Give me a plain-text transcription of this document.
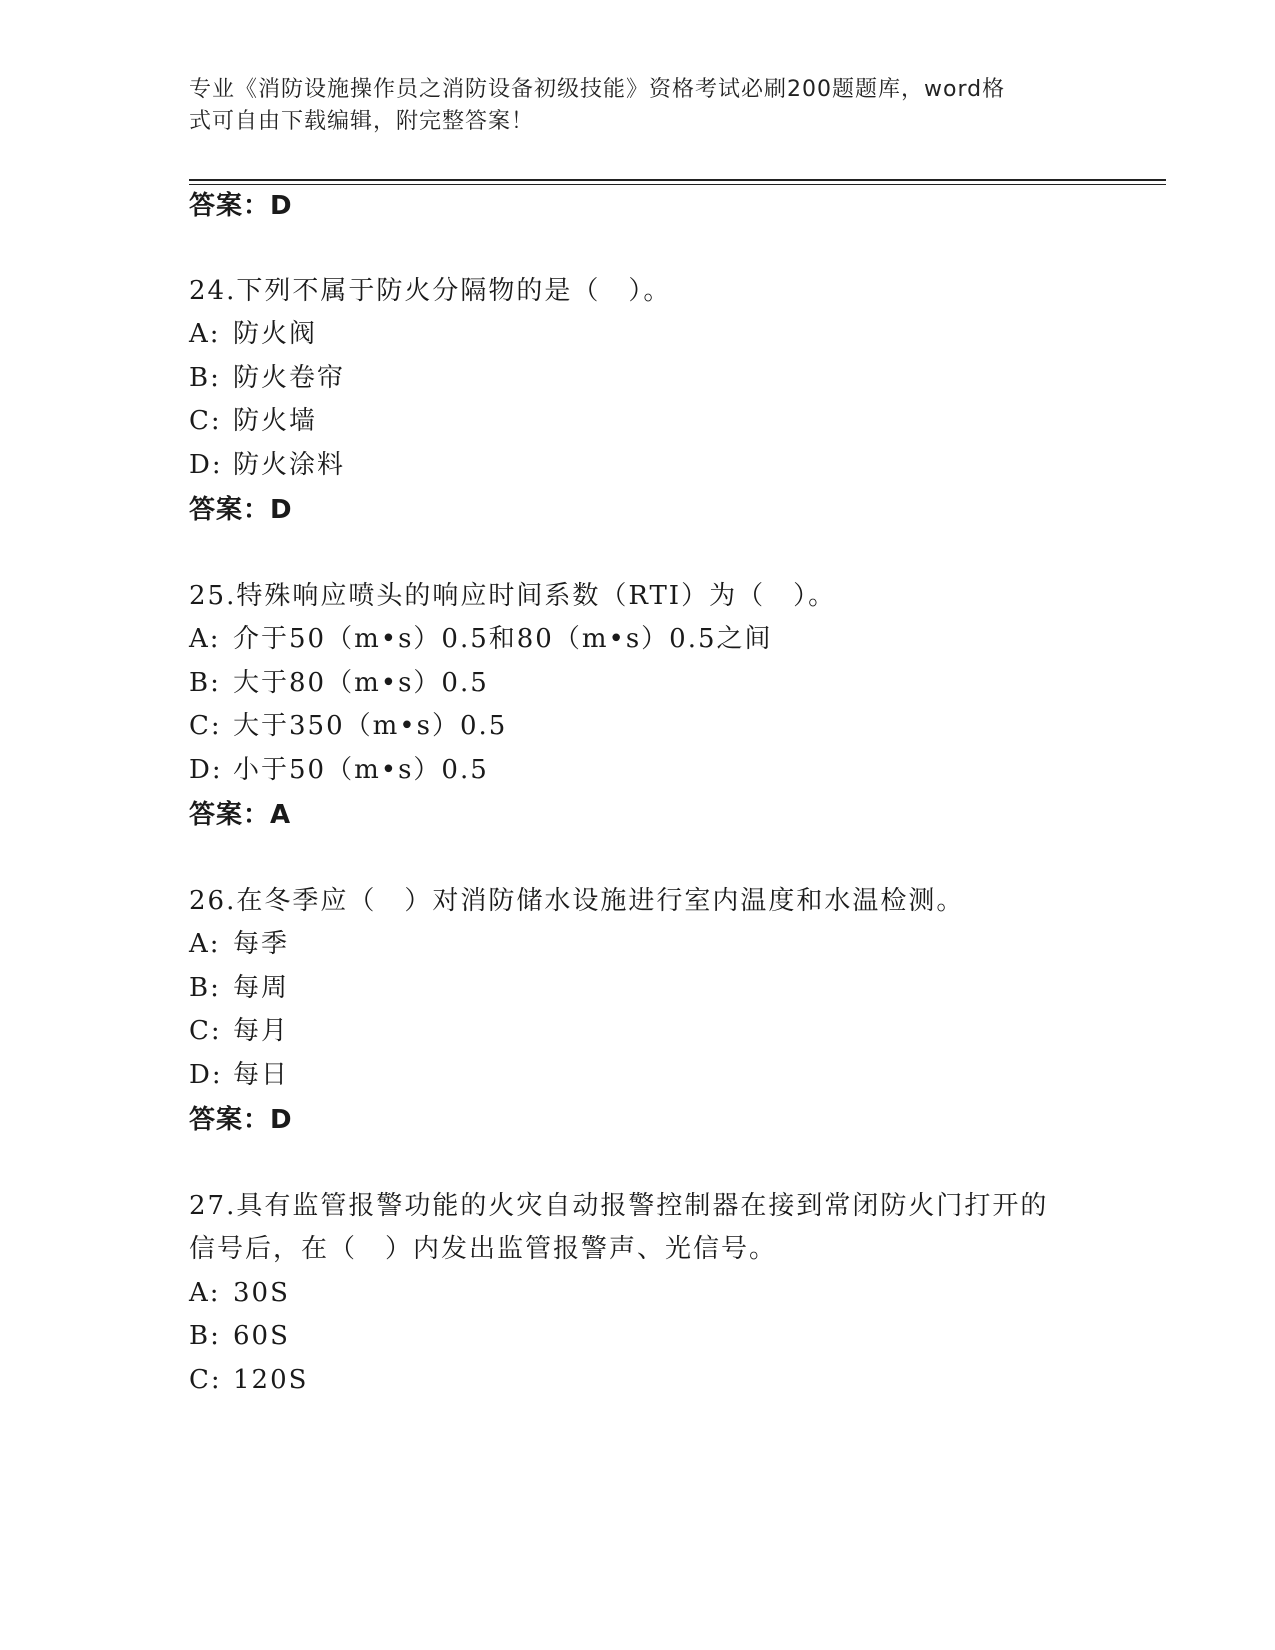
专业《消防设施操作员之消防设备初级技能》资格考试必刷200题题库，word格
式可自由下载编辑，附完整答案！
答案：D
24.下列不属于防火分隔物的是（　）。
A: 防火阀
B: 防火卷帘
C: 防火墙
D: 防火涂料
答案：D
25.特殊响应喷头的响应时间系数（RTI）为（　）。
A: 介于50（m•s）0.5和80（m•s）0.5之间
B: 大于80（m•s）0.5
C: 大于350（m•s）0.5
D: 小于50（m•s）0.5
答案：A
26.在冬季应（　）对消防储水设施进行室内温度和水温检测。
A: 每季
B: 每周
C: 每月
D: 每日
答案：D
27.具有监管报警功能的火灾自动报警控制器在接到常闭防火门打开的
信号后，在（　）内发出监管报警声、光信号。
A: 30S
B: 60S
C: 120S
